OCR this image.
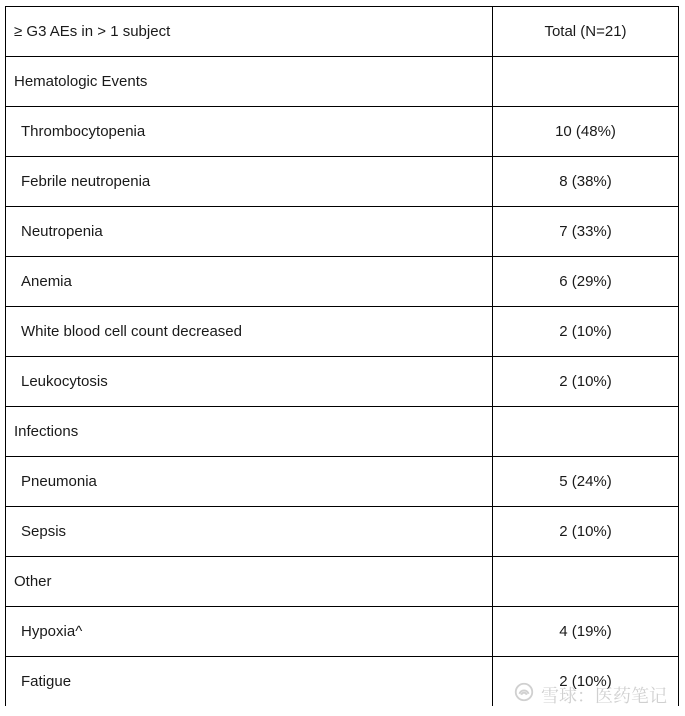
≥ G3 AEs in > 1 subject	Total (N=21)
Hematologic Events	
Thrombocytopenia	10 (48%)
Febrile neutropenia	8 (38%)
Neutropenia	7 (33%)
Anemia	6 (29%)
White blood cell count decreased	2 (10%)
Leukocytosis	2 (10%)
Infections	
Pneumonia	5 (24%)
Sepsis	2 (10%)
Other	
Hypoxia^	4 (19%)
Fatigue	2 (10%)
雪球：医药笔记
